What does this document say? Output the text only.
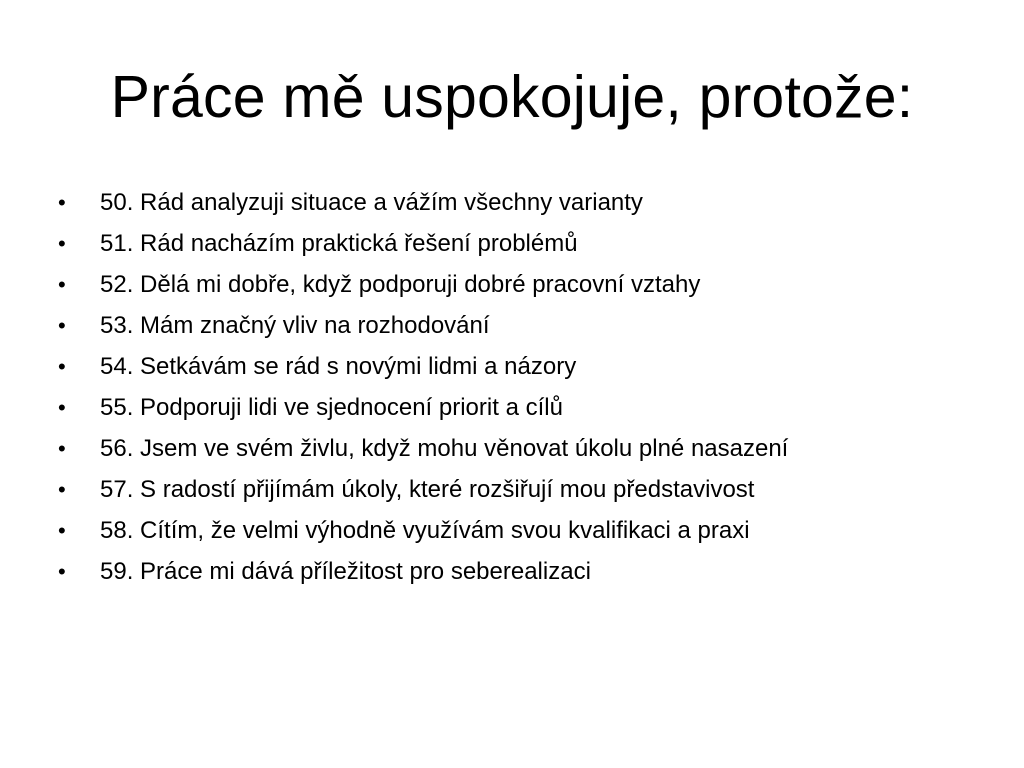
Práce mě uspokojuje, protože:
•	50. Rád analyzuji situace a vážím všechny varianty
•	51. Rád nacházím praktická řešení problémů
•	52. Dělá mi dobře, když podporuji dobré pracovní vztahy
•	53. Mám značný vliv na rozhodování
•	54. Setkávám se rád s novými lidmi a názory
•	55. Podporuji lidi ve sjednocení priorit a cílů
•	56. Jsem ve svém živlu, když mohu věnovat úkolu plné nasazení
•	57. S radostí přijímám úkoly, které rozšiřují mou představivost
•	58. Cítím, že velmi výhodně využívám svou kvalifikaci a praxi
•	59. Práce mi dává příležitost pro seberealizaci
